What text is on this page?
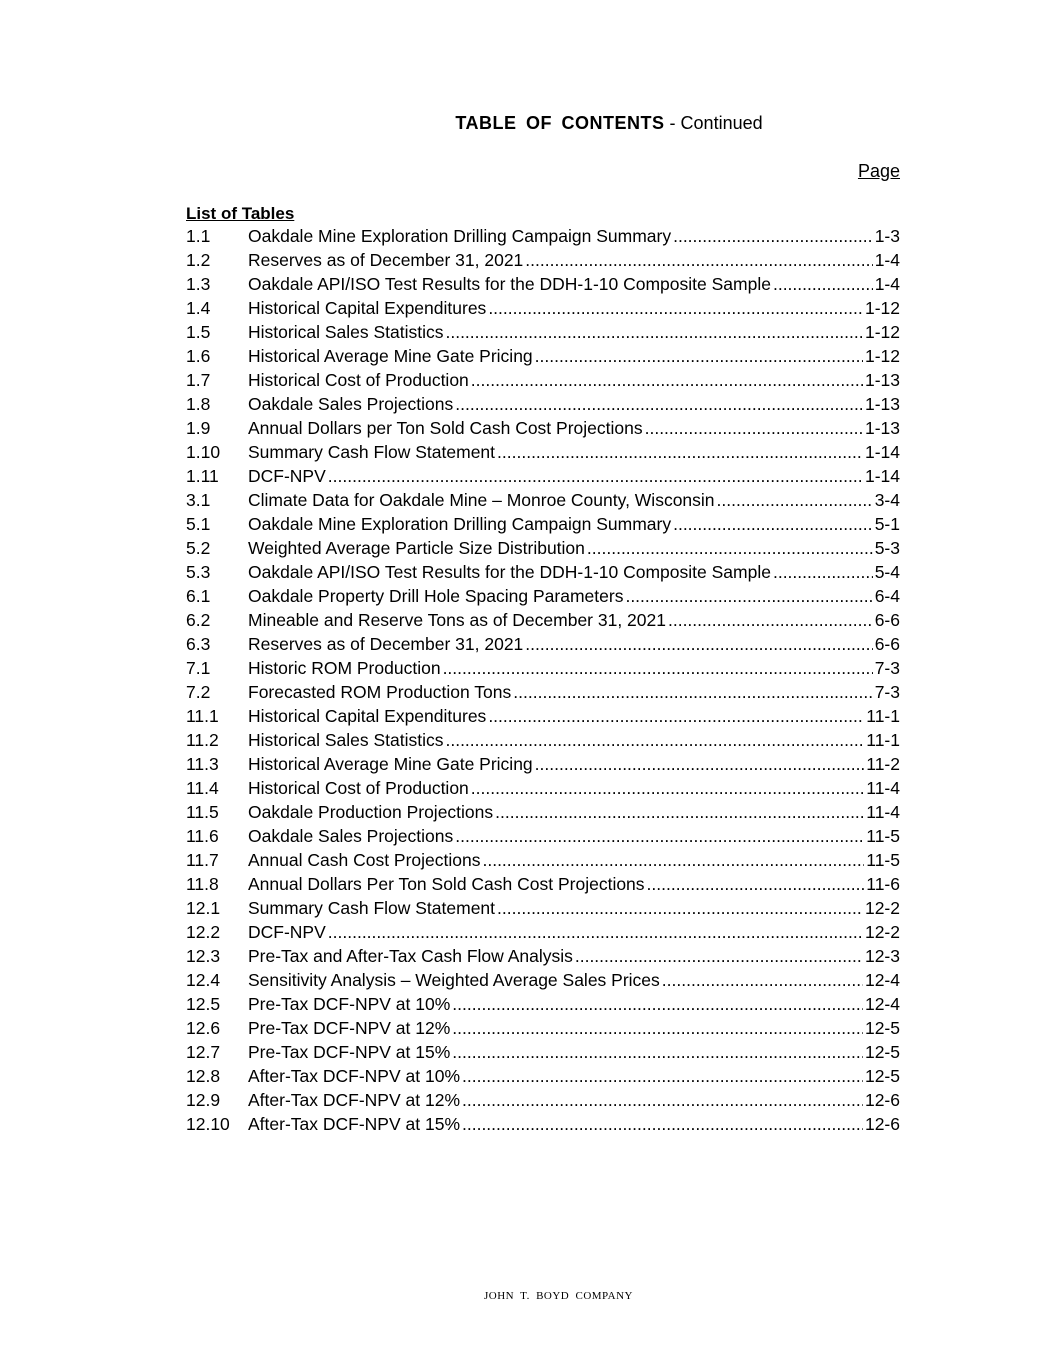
TABLE OF CONTENTS - Continued
Page
List of Tables
1.1	Oakdale Mine Exploration Drilling Campaign Summary .....	1-3
1.2	Reserves as of December 31, 2021 .....	1-4
1.3	Oakdale API/ISO Test Results for the DDH-1-10 Composite Sample .....	1-4
1.4	Historical Capital Expenditures .....	1-12
1.5	Historical Sales Statistics .....	1-12
1.6	Historical Average Mine Gate Pricing .....	1-12
1.7	Historical Cost of Production .....	1-13
1.8	Oakdale Sales Projections .....	1-13
1.9	Annual Dollars per Ton Sold Cash Cost Projections .....	1-13
1.10	Summary Cash Flow Statement .....	1-14
1.11	DCF-NPV .....	1-14
3.1	Climate Data for Oakdale Mine – Monroe County, Wisconsin .....	3-4
5.1	Oakdale Mine Exploration Drilling Campaign Summary .....	5-1
5.2	Weighted Average Particle Size Distribution .....	5-3
5.3	Oakdale API/ISO Test Results for the DDH-1-10 Composite Sample .....	5-4
6.1	Oakdale Property Drill Hole Spacing Parameters .....	6-4
6.2	Mineable and Reserve Tons as of December 31, 2021 .....	6-6
6.3	Reserves as of December 31, 2021 .....	6-6
7.1	Historic ROM Production .....	7-3
7.2	Forecasted ROM Production Tons .....	7-3
11.1	Historical Capital Expenditures .....	11-1
11.2	Historical Sales Statistics .....	11-1
11.3	Historical Average Mine Gate Pricing .....	11-2
11.4	Historical Cost of Production .....	11-4
11.5	Oakdale Production Projections .....	11-4
11.6	Oakdale Sales Projections .....	11-5
11.7	Annual Cash Cost Projections .....	11-5
11.8	Annual Dollars Per Ton Sold Cash Cost Projections .....	11-6
12.1	Summary Cash Flow Statement .....	12-2
12.2	DCF-NPV .....	12-2
12.3	Pre-Tax and After-Tax Cash Flow Analysis .....	12-3
12.4	Sensitivity Analysis – Weighted Average Sales Prices .....	12-4
12.5	Pre-Tax DCF-NPV at 10% .....	12-4
12.6	Pre-Tax DCF-NPV at 12% .....	12-5
12.7	Pre-Tax DCF-NPV at 15% .....	12-5
12.8	After-Tax DCF-NPV at 10% .....	12-5
12.9	After-Tax DCF-NPV at 12% .....	12-6
12.10	After-Tax DCF-NPV at 15% .....	12-6
JOHN T. BOYD COMPANY
